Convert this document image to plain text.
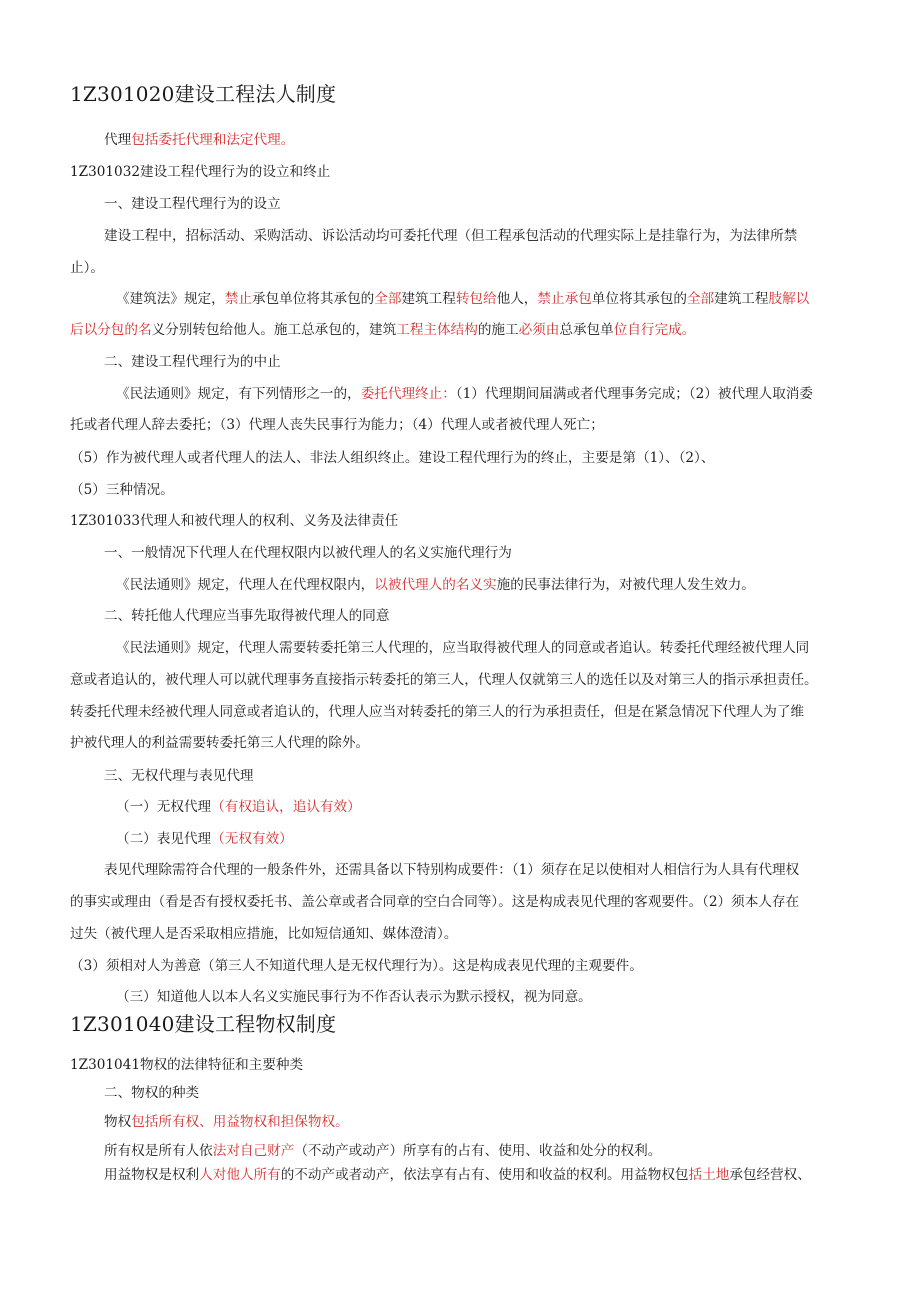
1Z301020建设工程法人制度
代理包括委托代理和法定代理。
1Z301032建设工程代理行为的设立和终止
一、建设工程代理行为的设立
建设工程中，招标活动、采购活动、诉讼活动均可委托代理（但工程承包活动的代理实际上是挂靠行为，为法律所禁
止）。
《建筑法》规定，禁止承包单位将其承包的全部建筑工程转包给他人，禁止承包单位将其承包的全部建筑工程肢解以
后以分包的名义分别转包给他人。施工总承包的，建筑工程主体结构的施工必须由总承包单位自行完成。
二、建设工程代理行为的中止
《民法通则》规定，有下列情形之一的，委托代理终止：（1）代理期间届满或者代理事务完成；（2）被代理人取消委
托或者代理人辞去委托；（3）代理人丧失民事行为能力；（4）代理人或者被代理人死亡；
（5）作为被代理人或者代理人的法人、非法人组织终止。建设工程代理行为的终止，主要是第（1）、（2）、
（5）三种情况。
1Z301033代理人和被代理人的权利、义务及法律责任
一、一般情况下代理人在代理权限内以被代理人的名义实施代理行为
《民法通则》规定，代理人在代理权限内，以被代理人的名义实施的民事法律行为，对被代理人发生效力。
二、转托他人代理应当事先取得被代理人的同意
《民法通则》规定，代理人需要转委托第三人代理的，应当取得被代理人的同意或者追认。转委托代理经被代理人同
意或者追认的，被代理人可以就代理事务直接指示转委托的第三人，代理人仅就第三人的选任以及对第三人的指示承担责任。
转委托代理未经被代理人同意或者追认的，代理人应当对转委托的第三人的行为承担责任，但是在紧急情况下代理人为了维
护被代理人的利益需要转委托第三人代理的除外。
三、无权代理与表见代理
（一）无权代理（有权追认，追认有效）
（二）表见代理（无权有效）
表见代理除需符合代理的一般条件外，还需具备以下特别构成要件：（1）须存在足以使相对人相信行为人具有代理权
的事实或理由（看是否有授权委托书、盖公章或者合同章的空白合同等）。这是构成表见代理的客观要件。（2）须本人存在
过失（被代理人是否采取相应措施，比如短信通知、媒体澄清）。
（3）须相对人为善意（第三人不知道代理人是无权代理行为）。这是构成表见代理的主观要件。
（三）知道他人以本人名义实施民事行为不作否认表示为默示授权，视为同意。
1Z301040建设工程物权制度
1Z301041物权的法律特征和主要种类
二、物权的种类
物权包括所有权、用益物权和担保物权。
所有权是所有人依法对自己财产（不动产或动产）所享有的占有、使用、收益和处分的权利。
用益物权是权利人对他人所有的不动产或者动产，依法享有占有、使用和收益的权利。用益物权包括土地承包经营权、
